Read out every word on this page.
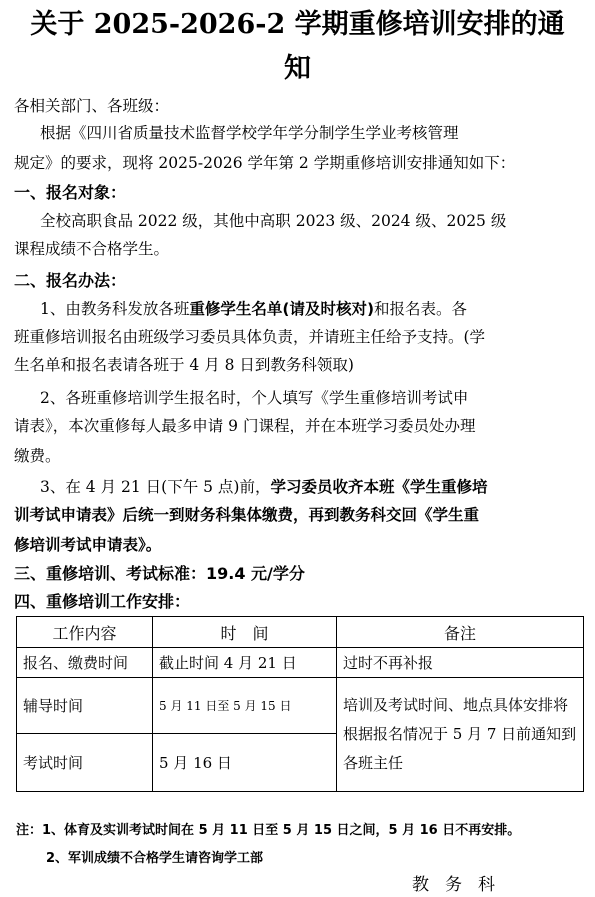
关于 2025-2026-2 学期重修培训安排的通
知
各相关部门、各班级：
根据《四川省质量技术监督学校学年学分制学生学业考核管理
规定》的要求，现将 2025-2026 学年第 2 学期重修培训安排通知如下：
一、报名对象：
全校高职食品 2022 级，其他中高职 2023 级、2024 级、2025 级
课程成绩不合格学生。
二、报名办法：
1、由教务科发放各班重修学生名单(请及时核对)和报名表。各
班重修培训报名由班级学习委员具体负责，并请班主任给予支持。(学
生名单和报名表请各班于 4 月 8 日到教务科领取)
2、各班重修培训学生报名时，个人填写《学生重修培训考试申
请表》，本次重修每人最多申请 9 门课程，并在本班学习委员处办理
缴费。
3、在 4 月 21 日(下午 5 点)前，学习委员收齐本班《学生重修培
训考试申请表》后统一到财务科集体缴费，再到教务科交回《学生重
修培训考试申请表》。
三、重修培训、考试标准：19.4 元/学分
四、重修培训工作安排：
工作内容	时　间	备注
报名、缴费时间	截止时间 4 月 21 日	过时不再补报
辅导时间	5 月 11 日至 5 月 15 日	培训及考试时间、地点具体安排将根据报名情况于 5 月 7 日前通知到各班主任
考试时间	5 月 16 日	
注：1、体育及实训考试时间在 5 月 11 日至 5 月 15 日之间，5 月 16 日不再安排。
2、军训成绩不合格学生请咨询学工部
教务科
